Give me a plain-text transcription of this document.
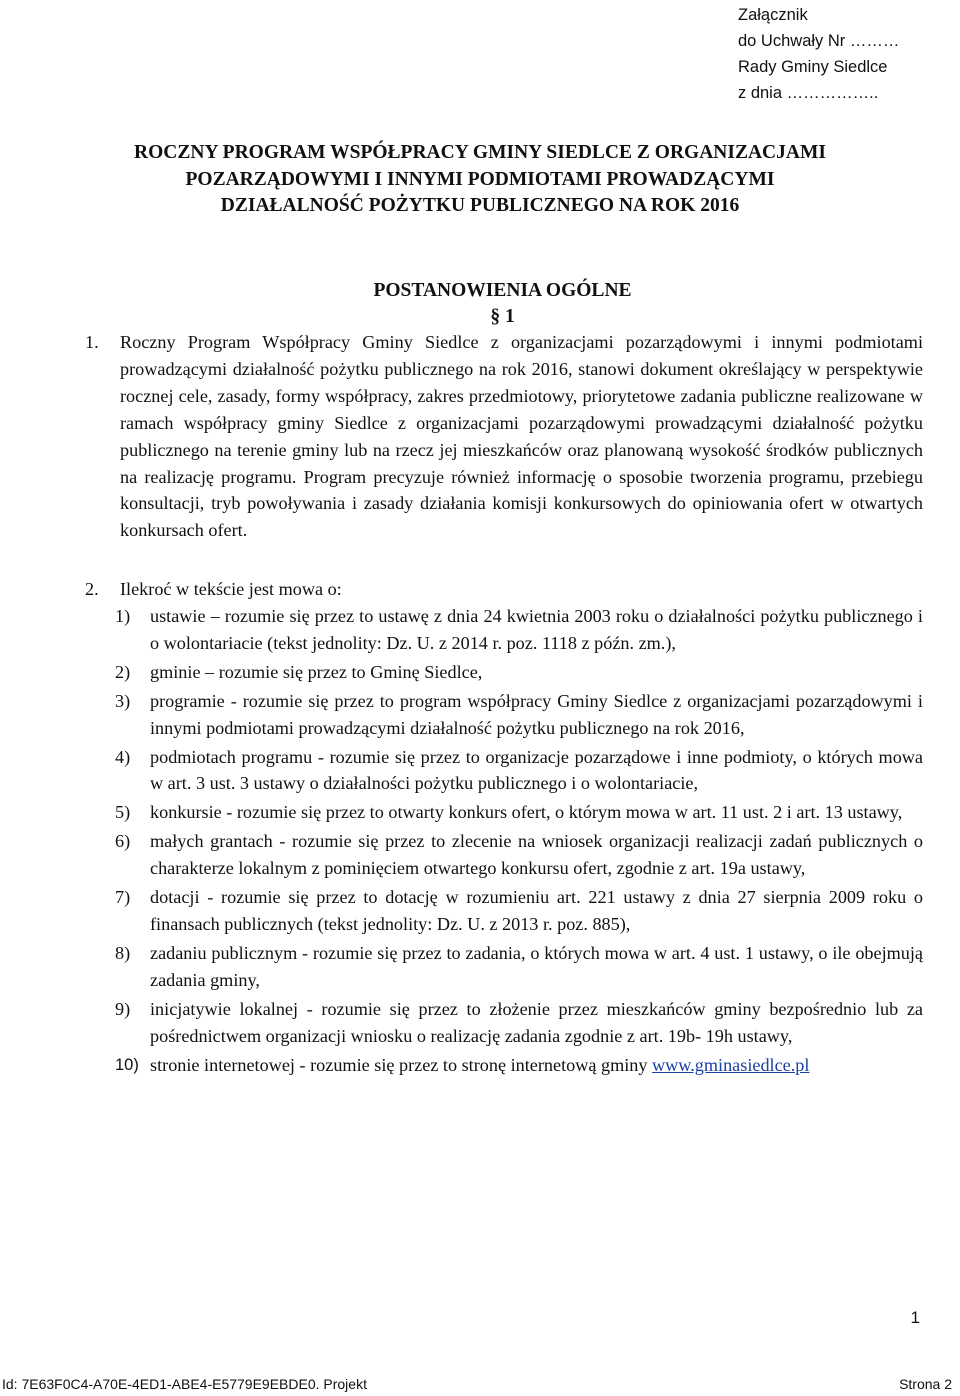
Załącznik
do Uchwały Nr ………
Rady Gminy Siedlce
z dnia ……………..
ROCZNY PROGRAM WSPÓŁPRACY GMINY SIEDLCE Z ORGANIZACJAMI
POZARZĄDOWYMI I INNYMI PODMIOTAMI PROWADZĄCYMI
DZIAŁALNOŚĆ POŻYTKU PUBLICZNEGO NA ROK 2016
POSTANOWIENIA OGÓLNE
§ 1
1. Roczny Program Współpracy Gminy Siedlce z organizacjami pozarządowymi i innymi podmiotami prowadzącymi działalność pożytku publicznego na rok 2016, stanowi dokument określający w perspektywie rocznej cele, zasady, formy współpracy, zakres przedmiotowy, priorytetowe zadania publiczne realizowane w ramach współpracy gminy Siedlce z organizacjami pozarządowymi prowadzącymi działalność pożytku publicznego na terenie gminy lub na rzecz jej mieszkańców oraz planowaną wysokość środków publicznych na realizację programu. Program precyzuje również informację o sposobie tworzenia programu, przebiegu konsultacji, tryb powoływania i zasady działania komisji konkursowych do opiniowania ofert w otwartych konkursach ofert.
2. Ilekroć w tekście jest mowa o:
1) ustawie – rozumie się przez to ustawę z dnia 24 kwietnia 2003 roku o działalności pożytku publicznego i o wolontariacie (tekst jednolity: Dz. U. z 2014 r. poz. 1118 z późn. zm.),
2) gminie – rozumie się przez to Gminę Siedlce,
3) programie - rozumie się przez to program współpracy Gminy Siedlce z organizacjami pozarządowymi i innymi podmiotami prowadzącymi działalność pożytku publicznego na rok 2016,
4) podmiotach programu - rozumie się przez to organizacje pozarządowe i inne podmioty, o których mowa w art. 3 ust. 3 ustawy o działalności pożytku publicznego i o wolontariacie,
5) konkursie - rozumie się przez to otwarty konkurs ofert, o którym mowa w art. 11 ust. 2 i art. 13 ustawy,
6) małych grantach - rozumie się przez to zlecenie na wniosek organizacji realizacji zadań publicznych o charakterze lokalnym z pominięciem otwartego konkursu ofert, zgodnie z art. 19a ustawy,
7) dotacji - rozumie się przez to dotację w rozumieniu art. 221 ustawy z dnia 27 sierpnia 2009 roku o finansach publicznych (tekst jednolity: Dz. U. z 2013 r. poz. 885),
8) zadaniu publicznym - rozumie się przez to zadania, o których mowa w art. 4 ust. 1 ustawy, o ile obejmują zadania gminy,
9) inicjatywie lokalnej - rozumie się przez to złożenie przez mieszkańców gminy bezpośrednio lub za pośrednictwem organizacji wniosku o realizację zadania zgodnie z art. 19b- 19h ustawy,
10) stronie internetowej - rozumie się przez to stronę internetową gminy www.gminasiedlce.pl
1
Id: 7E63F0C4-A70E-4ED1-ABE4-E5779E9EBDE0. Projekt	Strona 2
